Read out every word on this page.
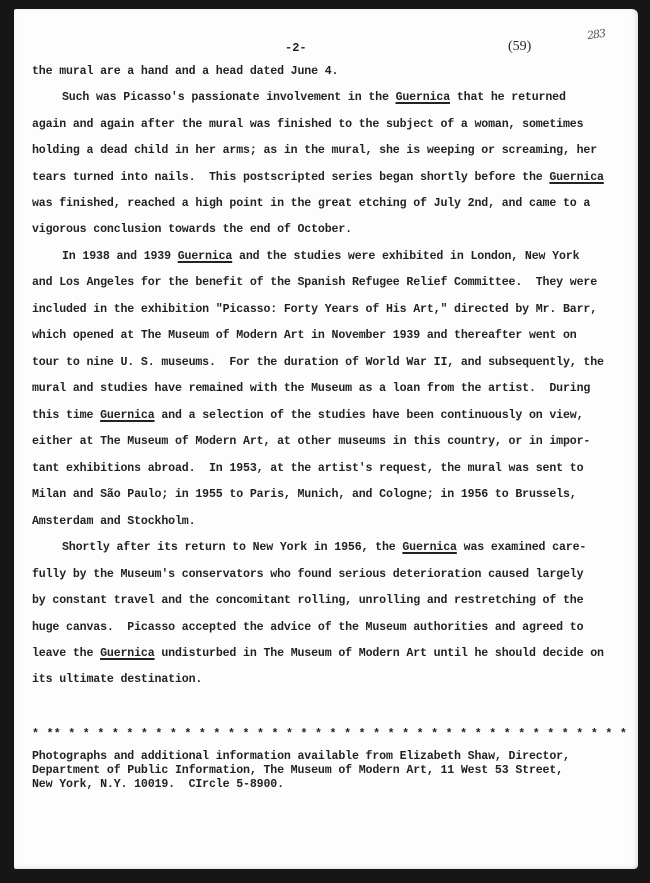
283
-2-	(59)
the mural are a hand and a head dated June 4.
Such was Picasso's passionate involvement in the Guernica that he returned
again and again after the mural was finished to the subject of a woman, sometimes
holding a dead child in her arms; as in the mural, she is weeping or screaming, her
tears turned into nails.  This postscripted series began shortly before the Guernica
was finished, reached a high point in the great etching of July 2nd, and came to a
vigorous conclusion towards the end of October.
In 1938 and 1939 Guernica and the studies were exhibited in London, New York
and Los Angeles for the benefit of the Spanish Refugee Relief Committee.  They were
included in the exhibition "Picasso: Forty Years of His Art," directed by Mr. Barr,
which opened at The Museum of Modern Art in November 1939 and thereafter went on
tour to nine U. S. museums.  For the duration of World War II, and subsequently, the
mural and studies have remained with the Museum as a loan from the artist.  During
this time Guernica and a selection of the studies have been continuously on view,
either at The Museum of Modern Art, at other museums in this country, or in impor-
tant exhibitions abroad.  In 1953, at the artist's request, the mural was sent to
Milan and São Paulo; in 1955 to Paris, Munich, and Cologne; in 1956 to Brussels,
Amsterdam and Stockholm.
Shortly after its return to New York in 1956, the Guernica was examined care-
fully by the Museum's conservators who found serious deterioration caused largely
by constant travel and the concomitant rolling, unrolling and restretching of the
huge canvas.  Picasso accepted the advice of the Museum authorities and agreed to
leave the Guernica undisturbed in The Museum of Modern Art until he should decide on
its ultimate destination.
* ** * * * * * * * * * * * * * * * * * * * * * * * * * * * * * * * * * * * * * * *
Photographs and additional information available from Elizabeth Shaw, Director,
Department of Public Information, The Museum of Modern Art, 11 West 53 Street,
New York, N.Y. 10019.  CIrcle 5-8900.
